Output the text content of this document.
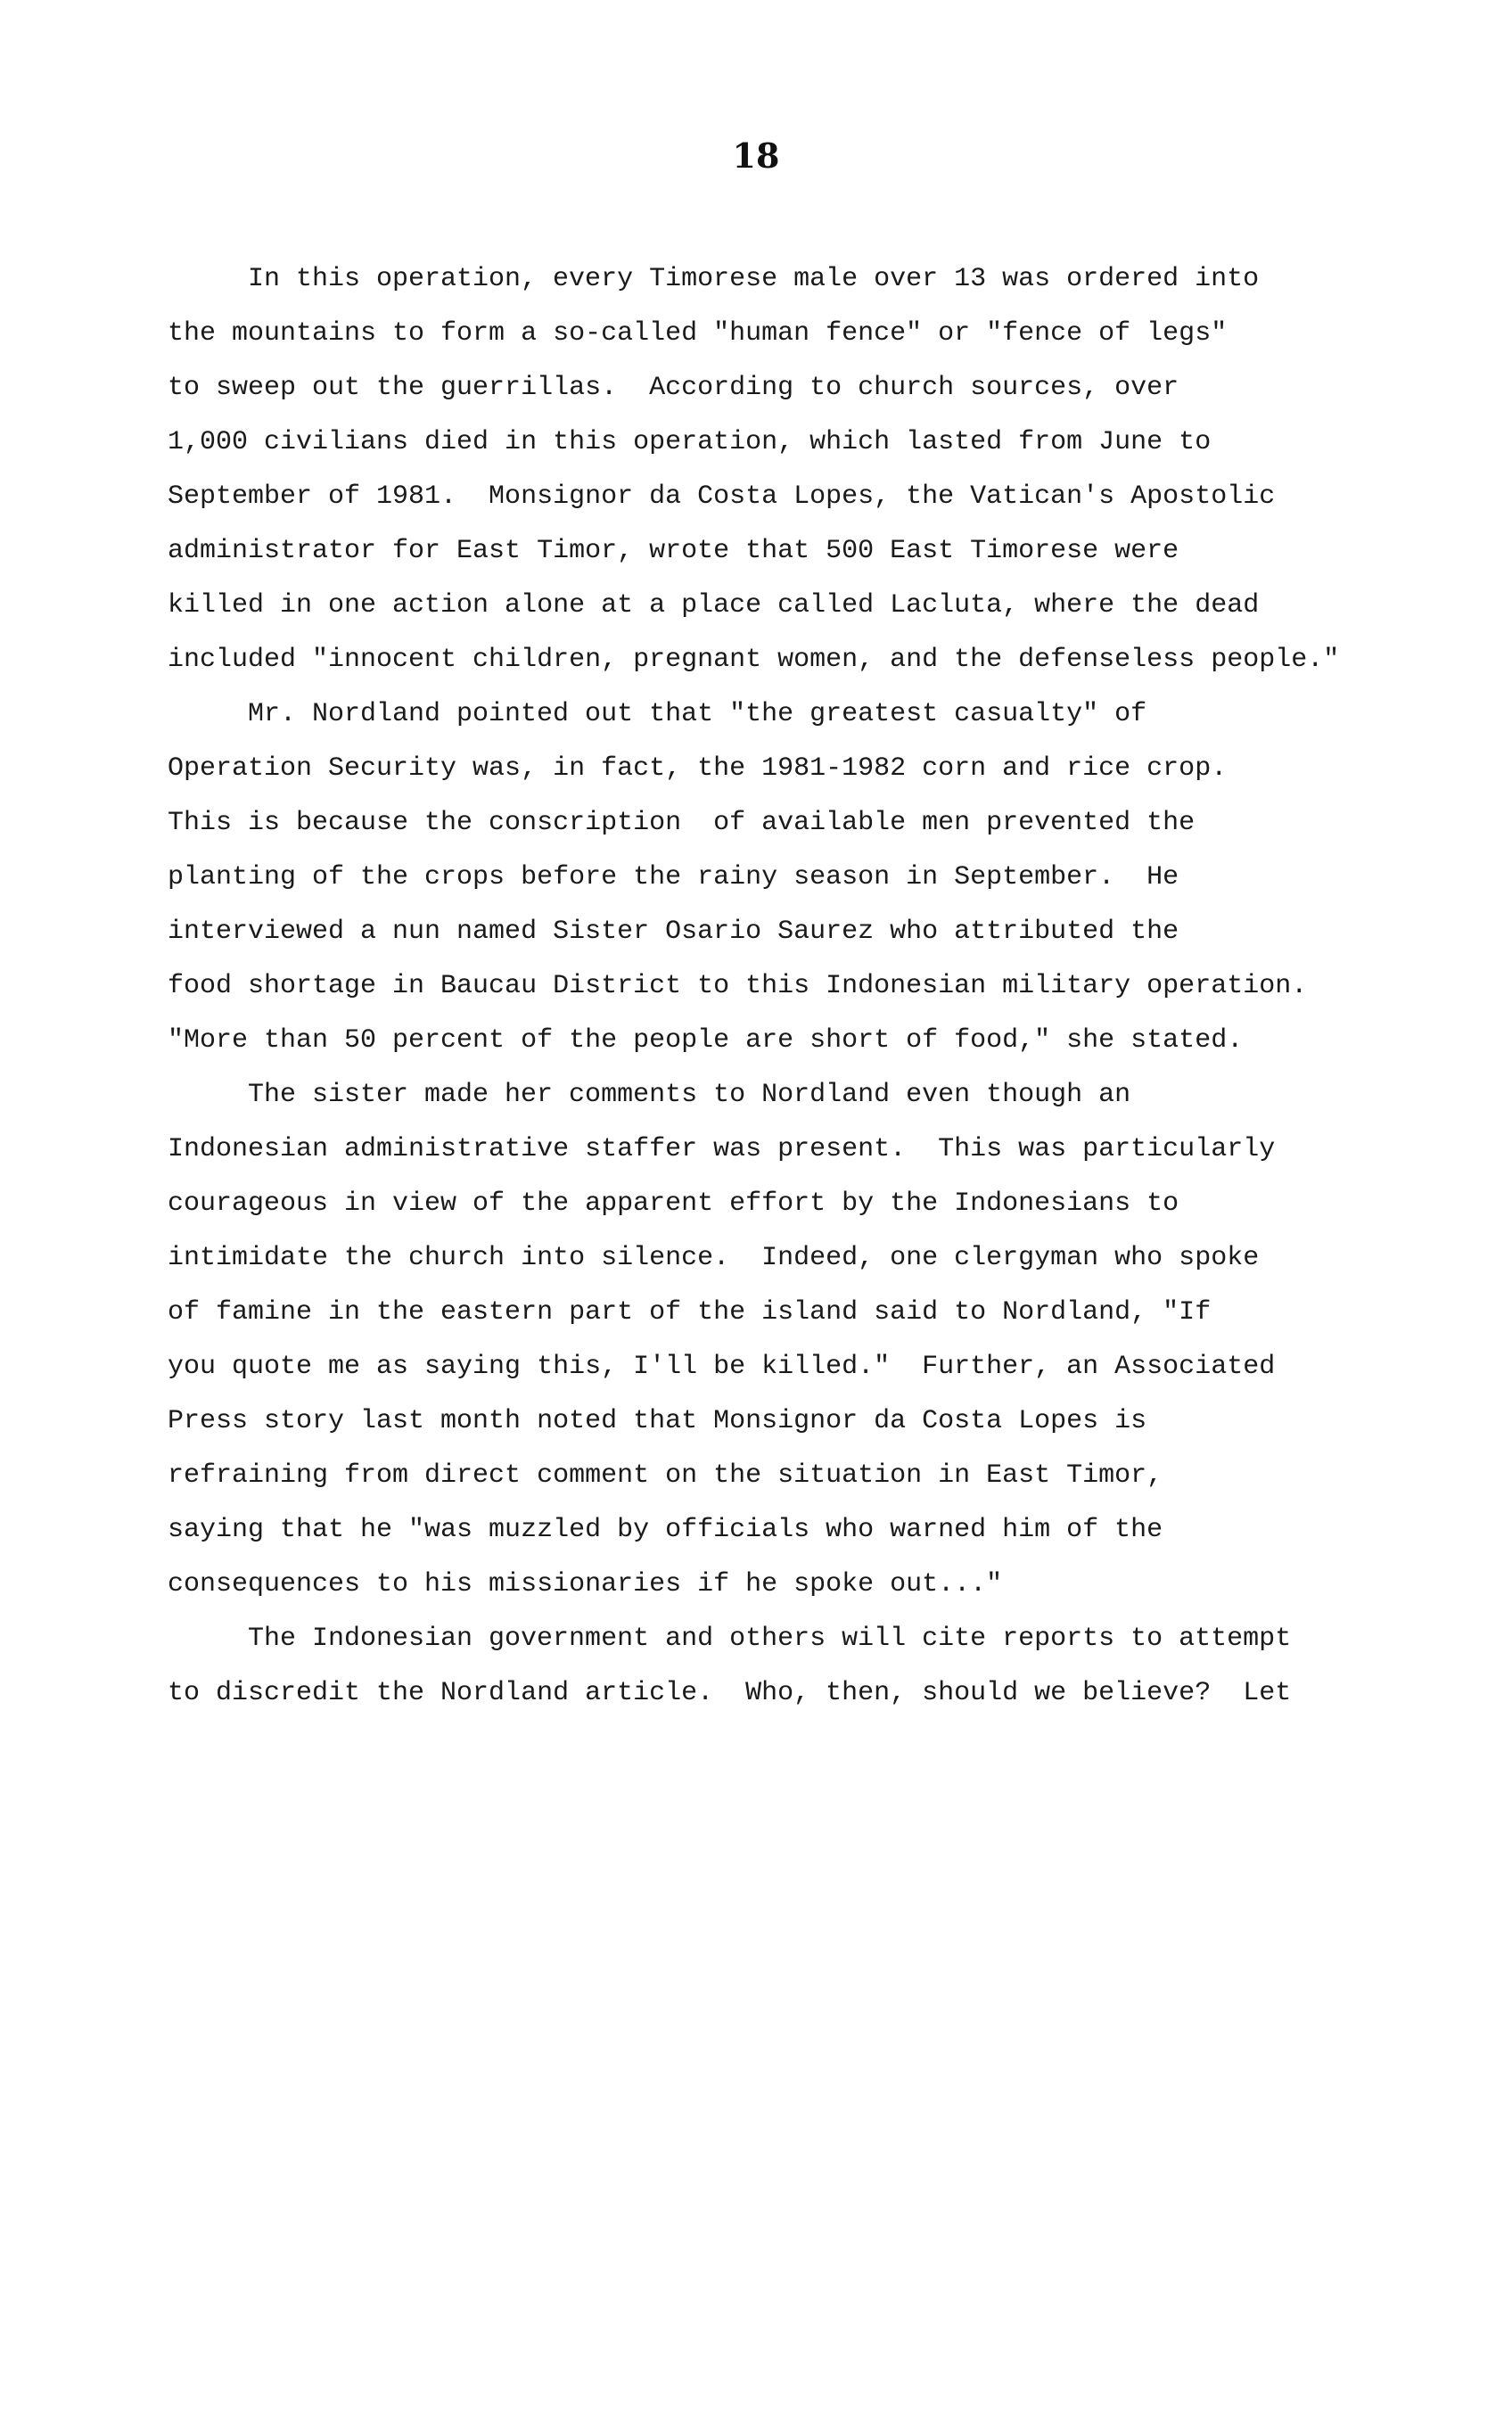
18
In this operation, every Timorese male over 13 was ordered into
the mountains to form a so-called "human fence" or "fence of legs"
to sweep out the guerrillas.  According to church sources, over
1,000 civilians died in this operation, which lasted from June to
September of 1981.  Monsignor da Costa Lopes, the Vatican's Apostolic
administrator for East Timor, wrote that 500 East Timorese were
killed in one action alone at a place called Lacluta, where the dead
included "innocent children, pregnant women, and the defenseless people."
Mr. Nordland pointed out that "the greatest casualty" of
Operation Security was, in fact, the 1981-1982 corn and rice crop.
This is because the conscription  of available men prevented the
planting of the crops before the rainy season in September.  He
interviewed a nun named Sister Osario Saurez who attributed the
food shortage in Baucau District to this Indonesian military operation.
"More than 50 percent of the people are short of food," she stated.
The sister made her comments to Nordland even though an
Indonesian administrative staffer was present.  This was particularly
courageous in view of the apparent effort by the Indonesians to
intimidate the church into silence.  Indeed, one clergyman who spoke
of famine in the eastern part of the island said to Nordland, "If
you quote me as saying this, I'll be killed."  Further, an Associated
Press story last month noted that Monsignor da Costa Lopes is
refraining from direct comment on the situation in East Timor,
saying that he "was muzzled by officials who warned him of the
consequences to his missionaries if he spoke out..."
The Indonesian government and others will cite reports to attempt
to discredit the Nordland article.  Who, then, should we believe?  Let
